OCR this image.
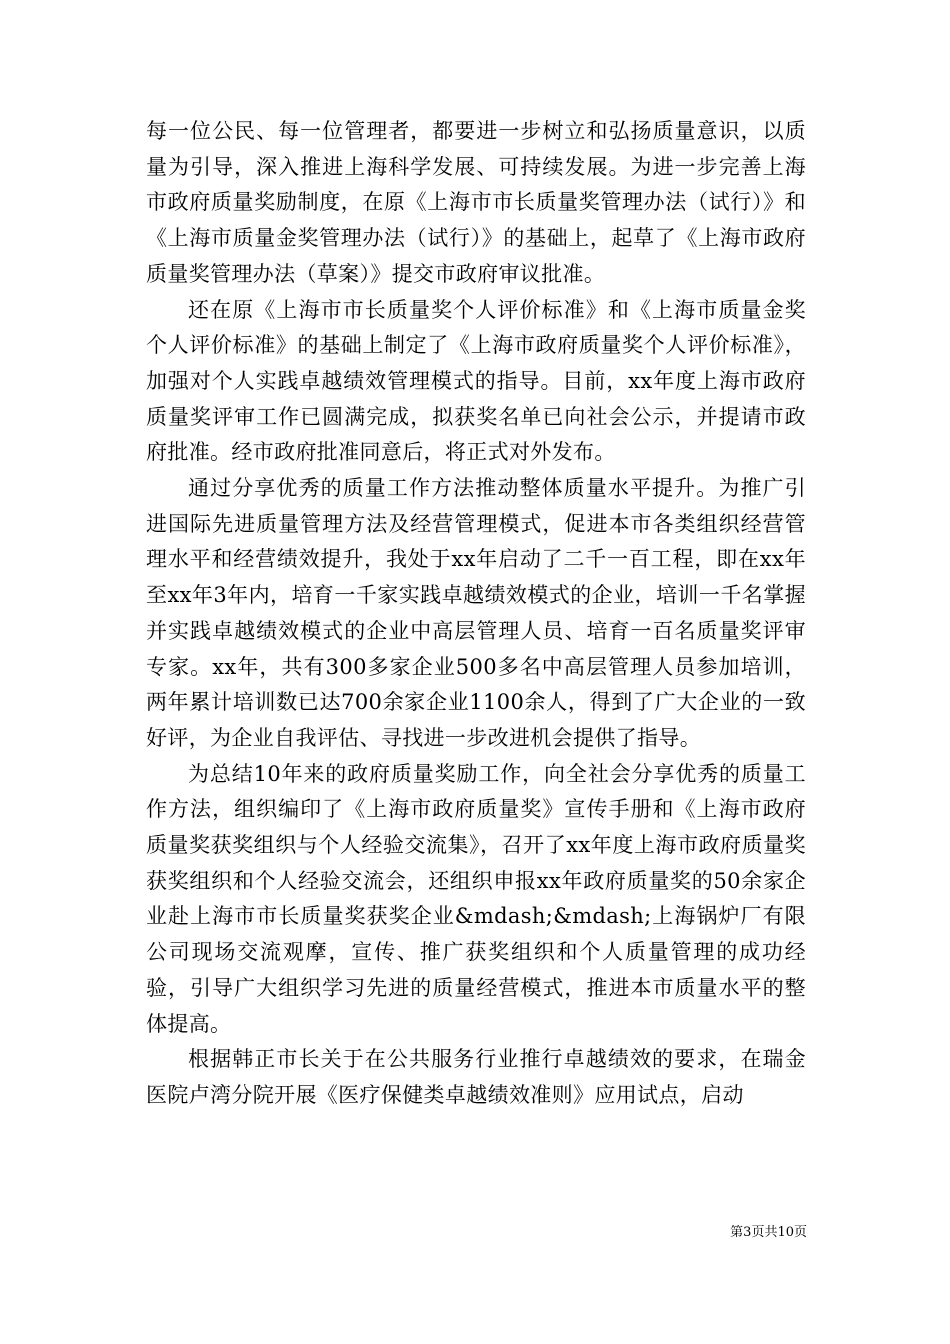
每一位公民、每一位管理者，都要进一步树立和弘扬质量意识，以质量为引导，深入推进上海科学发展、可持续发展。为进一步完善上海市政府质量奖励制度，在原《上海市市长质量奖管理办法（试行）》和《上海市质量金奖管理办法（试行）》的基础上，起草了《上海市政府质量奖管理办法（草案）》提交市政府审议批准。

还在原《上海市市长质量奖个人评价标准》和《上海市质量金奖个人评价标准》的基础上制定了《上海市政府质量奖个人评价标准》，加强对个人实践卓越绩效管理模式的指导。目前，xx年度上海市政府质量奖评审工作已圆满完成，拟获奖名单已向社会公示，并提请市政府批准。经市政府批准同意后，将正式对外发布。

通过分享优秀的质量工作方法推动整体质量水平提升。为推广引进国际先进质量管理方法及经营管理模式，促进本市各类组织经营管理水平和经营绩效提升，我处于xx年启动了二千一百工程，即在xx年至xx年3年内，培育一千家实践卓越绩效模式的企业，培训一千名掌握并实践卓越绩效模式的企业中高层管理人员、培育一百名质量奖评审专家。xx年，共有300多家企业500多名中高层管理人员参加培训，两年累计培训数已达700余家企业1100余人，得到了广大企业的一致好评，为企业自我评估、寻找进一步改进机会提供了指导。

为总结10年来的政府质量奖励工作，向全社会分享优秀的质量工作方法，组织编印了《上海市政府质量奖》宣传手册和《上海市政府质量奖获奖组织与个人经验交流集》，召开了xx年度上海市政府质量奖获奖组织和个人经验交流会，还组织申报xx年政府质量奖的50余家企业赴上海市市长质量奖获奖企业&mdash;&mdash;上海锅炉厂有限公司现场交流观摩，宣传、推广获奖组织和个人质量管理的成功经验，引导广大组织学习先进的质量经营模式，推进本市质量水平的整体提高。

根据韩正市长关于在公共服务行业推行卓越绩效的要求，在瑞金医院卢湾分院开展《医疗保健类卓越绩效准则》应用试点，启动

第3页共10页
